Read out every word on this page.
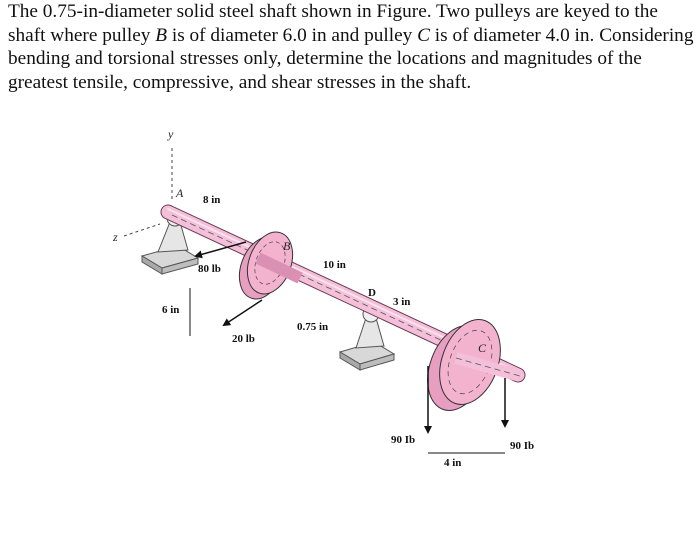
The 0.75-in-diameter solid steel shaft shown in Figure. Two pulleys are keyed to the shaft where pulley B is of diameter 6.0 in and pulley C is of diameter 4.0 in. Considering bending and torsional stresses only, determine the locations and magnitudes of the greatest tensile, compressive, and shear stresses in the shaft.

y
z
B
C
A
D
8 in
10 in
3 in
0.75 in
6 in
4 in
80 lb
20 lb
90 Ib	90 Ib
